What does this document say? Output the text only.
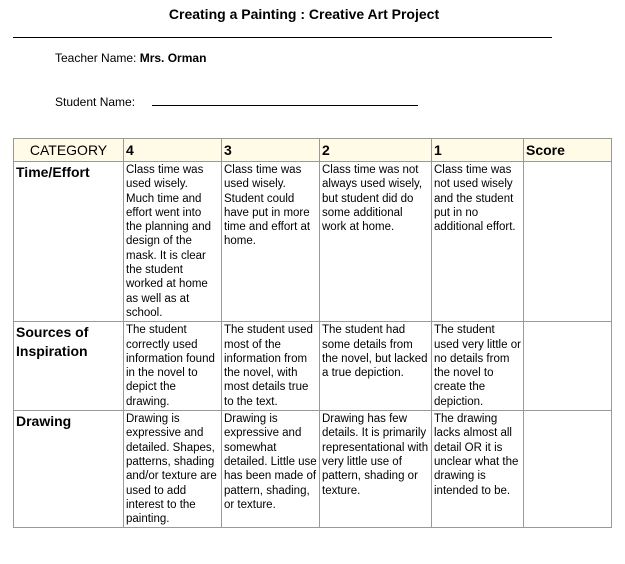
Creating a Painting : Creative Art Project
Teacher Name: Mrs. Orman
Student Name:
CATEGORY	4	3	2	1	Score
Time/Effort	Class time was used wisely. Much time and effort went into the planning and design of the mask. It is clear the student worked at home as well as at school.	Class time was used wisely. Student could have put in more time and effort at home.	Class time was not always used wisely, but student did do some additional work at home.	Class time was not used wisely and the student put in no additional effort.	
Sources of Inspiration	The student correctly used information found in the novel to depict the drawing.	The student used most of the information from the novel, with most details true to the text.	The student had some details from the novel, but lacked a true depiction.	The student used very little or no details from the novel to create the depiction.	
Drawing	Drawing is expressive and detailed. Shapes, patterns, shading and/or texture are used to add interest to the painting.	Drawing is expressive and somewhat detailed. Little use has been made of pattern, shading, or texture.	Drawing has few details. It is primarily representational with very little use of pattern, shading or texture.	The drawing lacks almost all detail OR it is unclear what the drawing is intended to be.	
